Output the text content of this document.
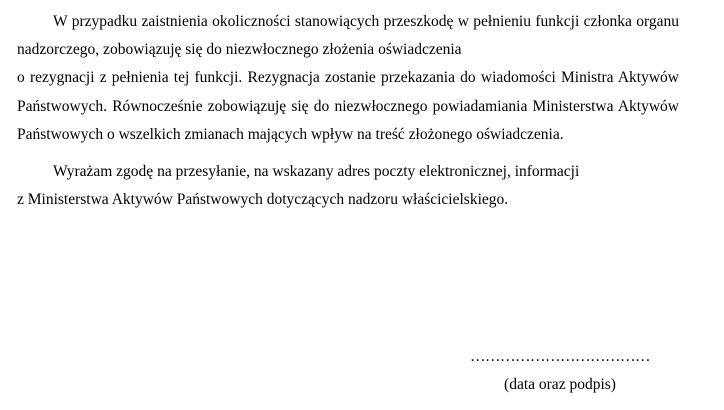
W przypadku zaistnienia okoliczności stanowiących przeszkodę w pełnieniu funkcji członka organu nadzorczego, zobowiązuję się do niezwłocznego złożenia oświadczenia
o rezygnacji z pełnienia tej funkcji. Rezygnacja zostanie przekazania do wiadomości Ministra Aktywów Państwowych. Równocześnie zobowiązuję się do niezwłocznego powiadamiania Ministerstwa Aktywów Państwowych o wszelkich zmianach mających wpływ na treść złożonego oświadczenia.

Wyrażam zgodę na przesyłanie, na wskazany adres poczty elektronicznej, informacji
z Ministerstwa Aktywów Państwowych dotyczących nadzoru właścicielskiego.

………………………………
(data oraz podpis)
